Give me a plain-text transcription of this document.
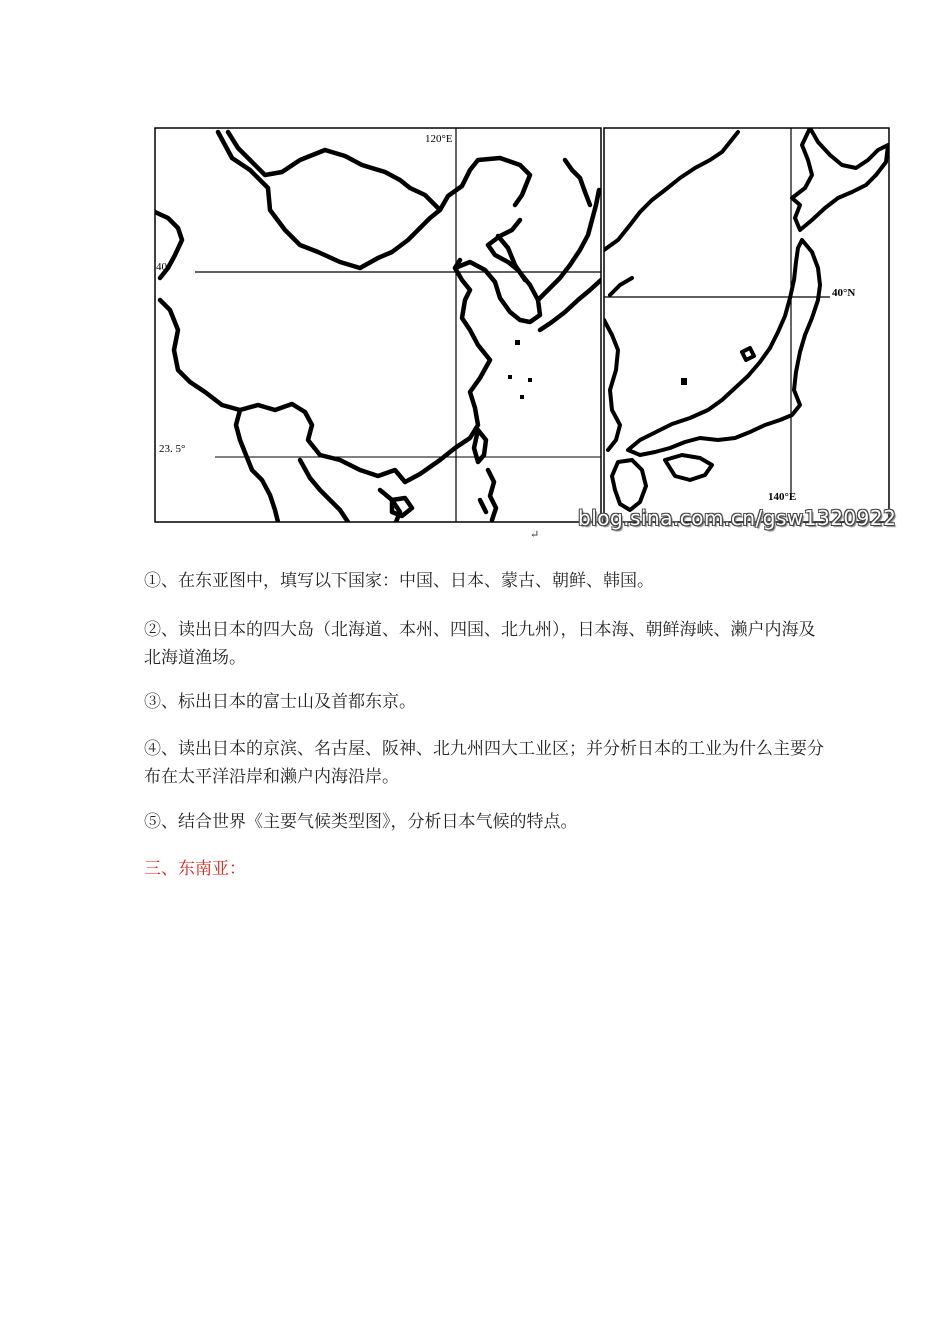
120°E
40°
23. 5°
40°N
140°E
blog.sina.com.cn/gsw1320922
↵

①、在东亚图中，填写以下国家：中国、日本、蒙古、朝鲜、韩国。

②、读出日本的四大岛（北海道、本州、四国、北九州），日本海、朝鲜海峡、濑户内海及北海道渔场。

③、标出日本的富士山及首都东京。

④、读出日本的京滨、名古屋、阪神、北九州四大工业区；并分析日本的工业为什么主要分布在太平洋沿岸和濑户内海沿岸。

⑤、结合世界《主要气候类型图》，分析日本气候的特点。

三、东南亚：
